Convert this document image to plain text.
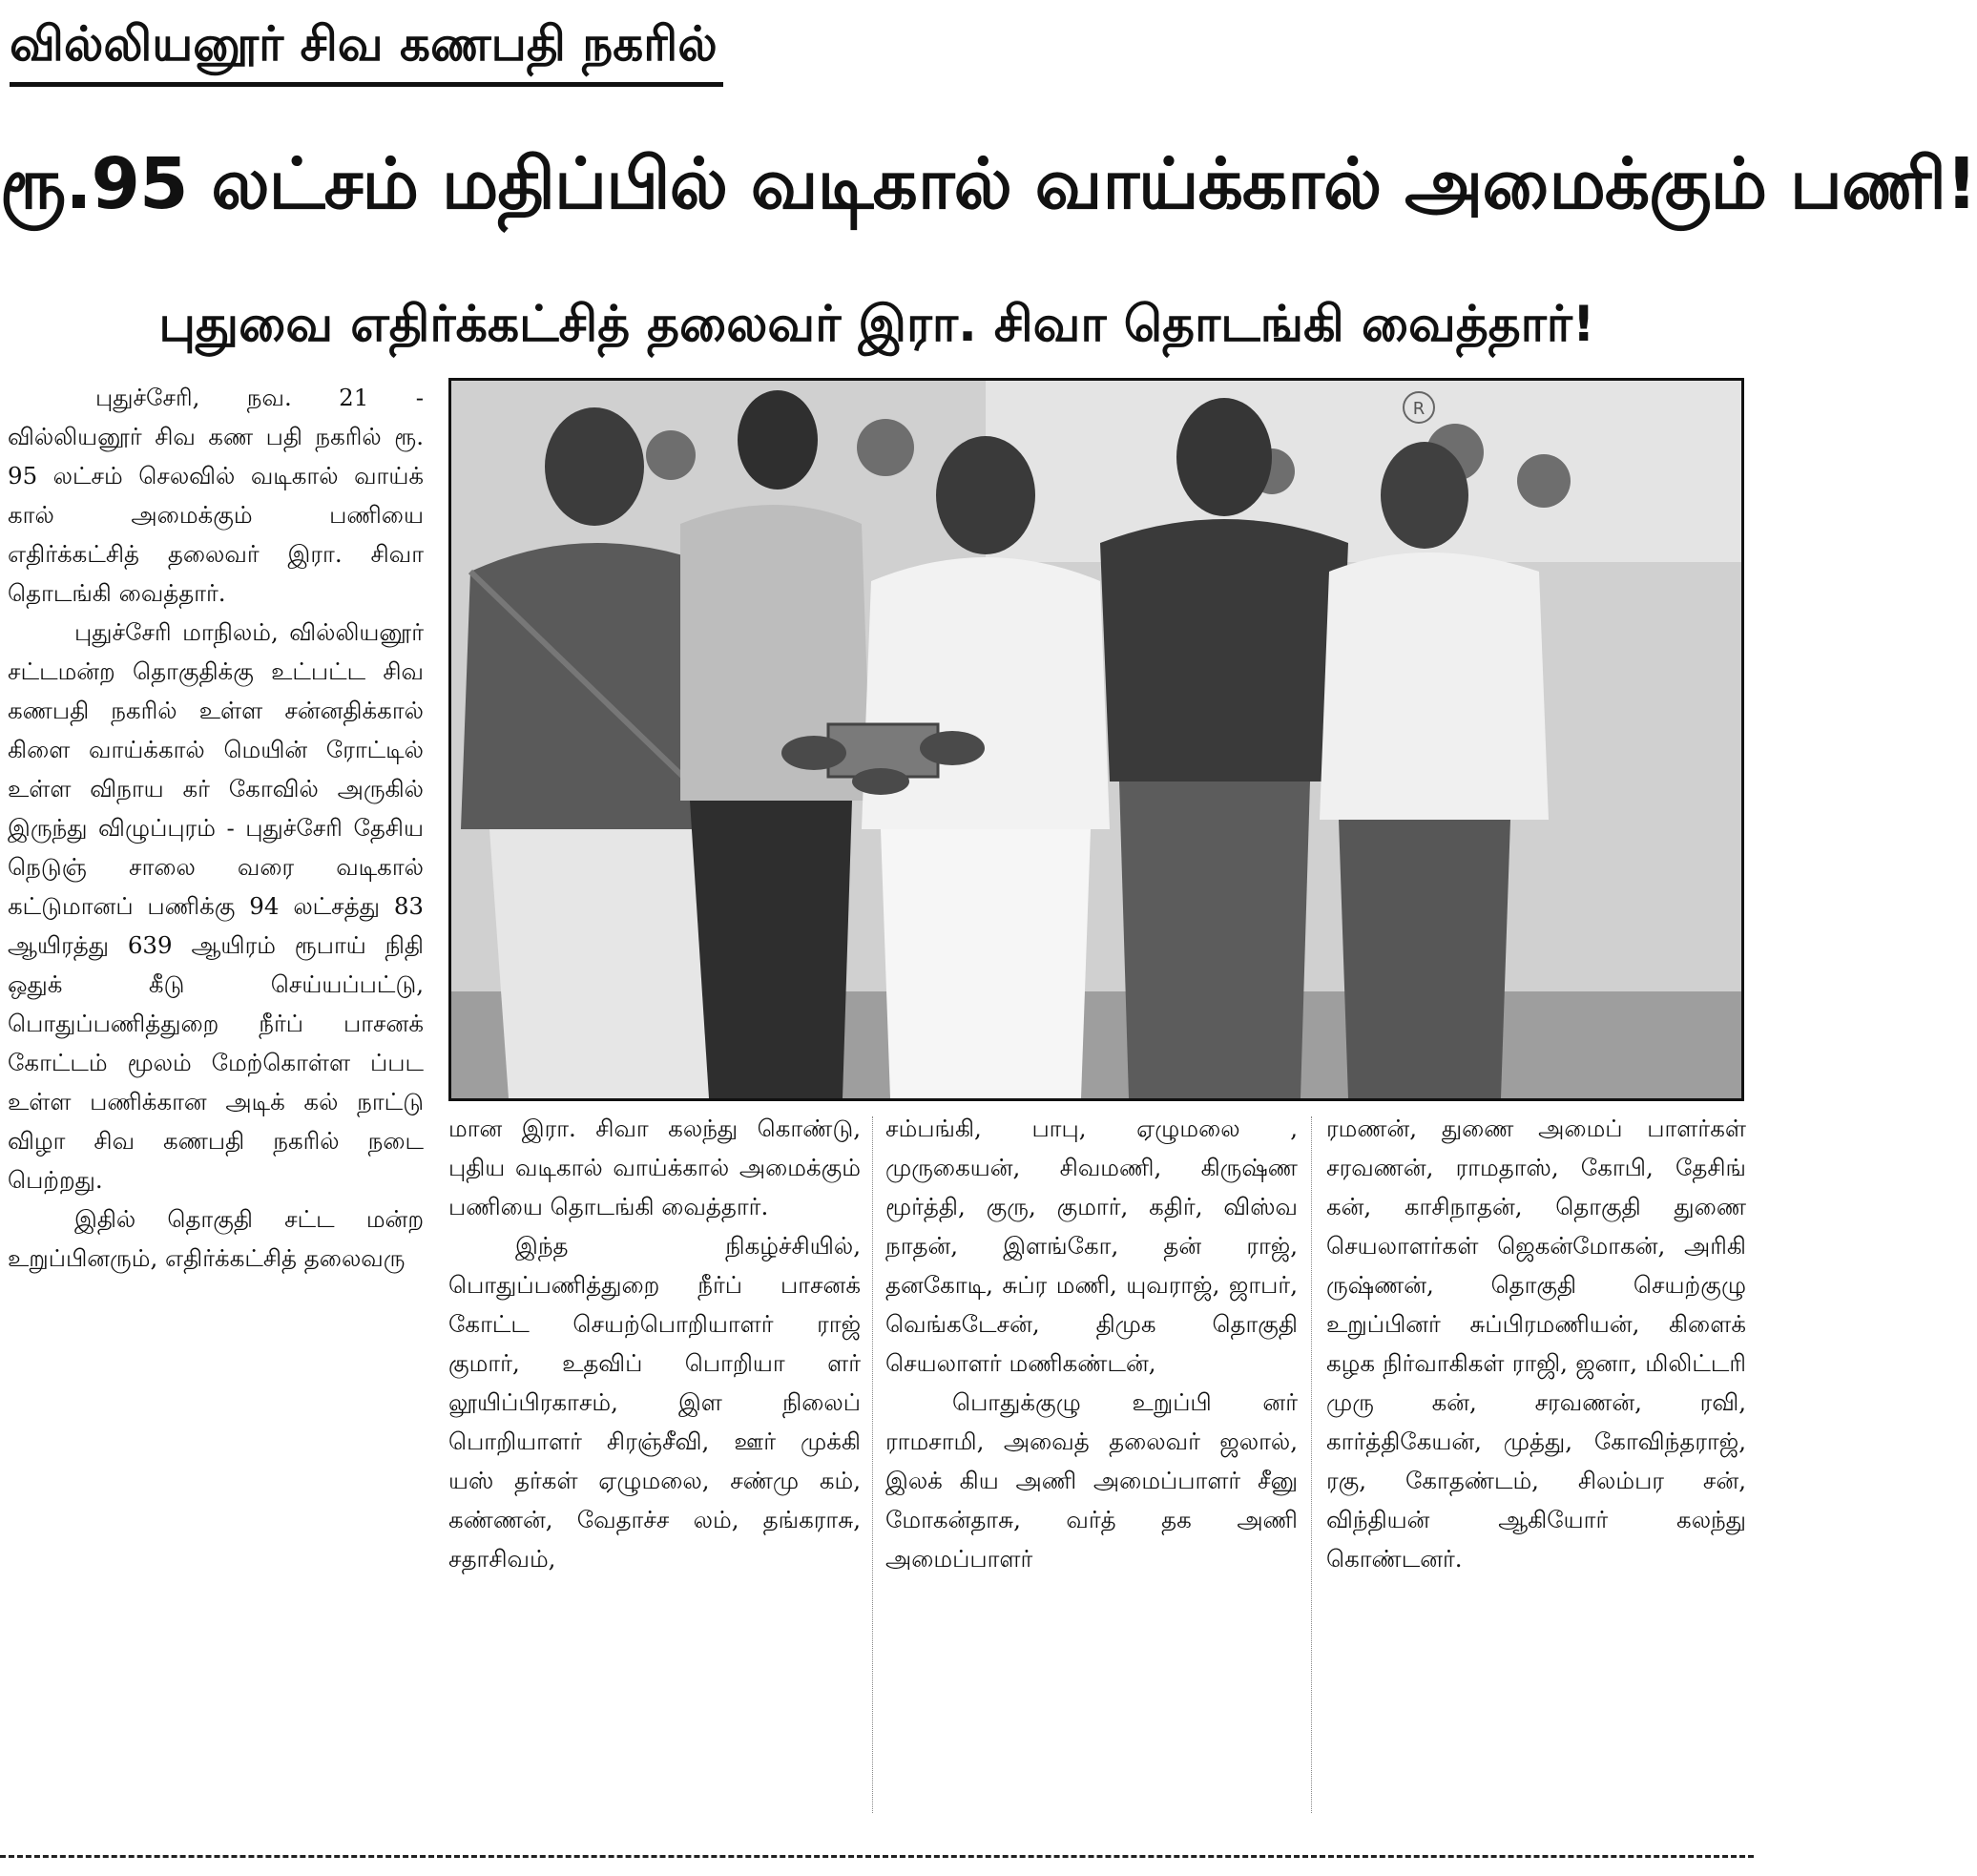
வில்லியனூர் சிவ கணபதி நகரில்
ரூ.95 லட்சம் மதிப்பில் வடிகால் வாய்க்கால் அமைக்கும் பணி!
புதுவை எதிர்க்கட்சித் தலைவர் இரா. சிவா தொடங்கி வைத்தார்!
R

புதுச்சேரி, நவ. 21 - வில்லியனூர் சிவ கண பதி நகரில் ரூ. 95 லட்சம் செலவில் வடிகால் வாய்க் கால் அமைக்கும் பணியை எதிர்க்கட்சித் தலைவர் இரா. சிவா தொடங்கி வைத்தார்.

புதுச்சேரி மாநிலம், வில்லியனூர் சட்டமன்ற தொகுதிக்கு உட்பட்ட சிவ கணபதி நகரில் உள்ள சன்னதிக்கால் கிளை வாய்க்கால் மெயின் ரோட்டில் உள்ள விநாய கர் கோவில் அருகில் இருந்து விழுப்புரம் - புதுச்சேரி தேசிய நெடுஞ் சாலை வரை வடிகால் கட்டுமானப் பணிக்கு 94 லட்சத்து 83 ஆயிரத்து 639 ஆயிரம் ரூபாய் நிதி ஒதுக் கீடு செய்யப்பட்டு, பொதுப்பணித்துறை நீர்ப் பாசனக் கோட்டம் மூலம் மேற்கொள்ள ப்பட உள்ள பணிக்கான அடிக் கல் நாட்டு விழா சிவ கணபதி நகரில் நடை பெற்றது.

இதில் தொகுதி சட்ட மன்ற உறுப்பினரும், எதிர்க்கட்சித் தலைவரு

மான இரா. சிவா கலந்து கொண்டு, புதிய வடிகால் வாய்க்கால் அமைக்கும் பணியை தொடங்கி வைத்தார்.

இந்த நிகழ்ச்சியில், பொதுப்பணித்துறை நீர்ப் பாசனக் கோட்ட செயற்பொறியாளர் ராஜ் குமார், உதவிப் பொறியா ளர் லூயிப்பிரகாசம், இள நிலைப் பொறியாளர் சிரஞ்சீவி, ஊர் முக்கி யஸ் தர்கள் ஏழுமலை, சண்மு கம், கண்ணன், வேதாச்ச லம், தங்கராசு, சதாசிவம்,

சம்பங்கி, பாபு, ஏழுமலை , முருகையன், சிவமணி, கிருஷ்ண மூர்த்தி, குரு, குமார், கதிர், விஸ்வ நாதன், இளங்கோ, தன் ராஜ், தனகோடி, சுப்ர மணி, யுவராஜ், ஜாபர், வெங்கடேசன், திமுக தொகுதி செயலாளர் மணிகண்டன்,

பொதுக்குழு உறுப்பி னர் ராமசாமி, அவைத் தலைவர் ஜலால், இலக் கிய அணி அமைப்பாளர் சீனு மோகன்தாசு, வர்த் தக அணி அமைப்பாளர்

ரமணன், துணை அமைப் பாளர்கள் சரவணன், ராமதாஸ், கோபி, தேசிங் கன், காசிநாதன், தொகுதி துணை செயலாளர்கள் ஜெகன்மோகன், அரிகி ருஷ்ணன், தொகுதி செயற்குழு உறுப்பினர் சுப்பிரமணியன், கிளைக் கழக நிர்வாகிகள் ராஜி, ஜனா, மிலிட்டரி முரு கன், சரவணன், ரவி, கார்த்திகேயன், முத்து, கோவிந்தராஜ், ரகு, கோதண்டம், சிலம்பர சன், விந்தியன் ஆகியோர் கலந்து கொண்டனர்.
